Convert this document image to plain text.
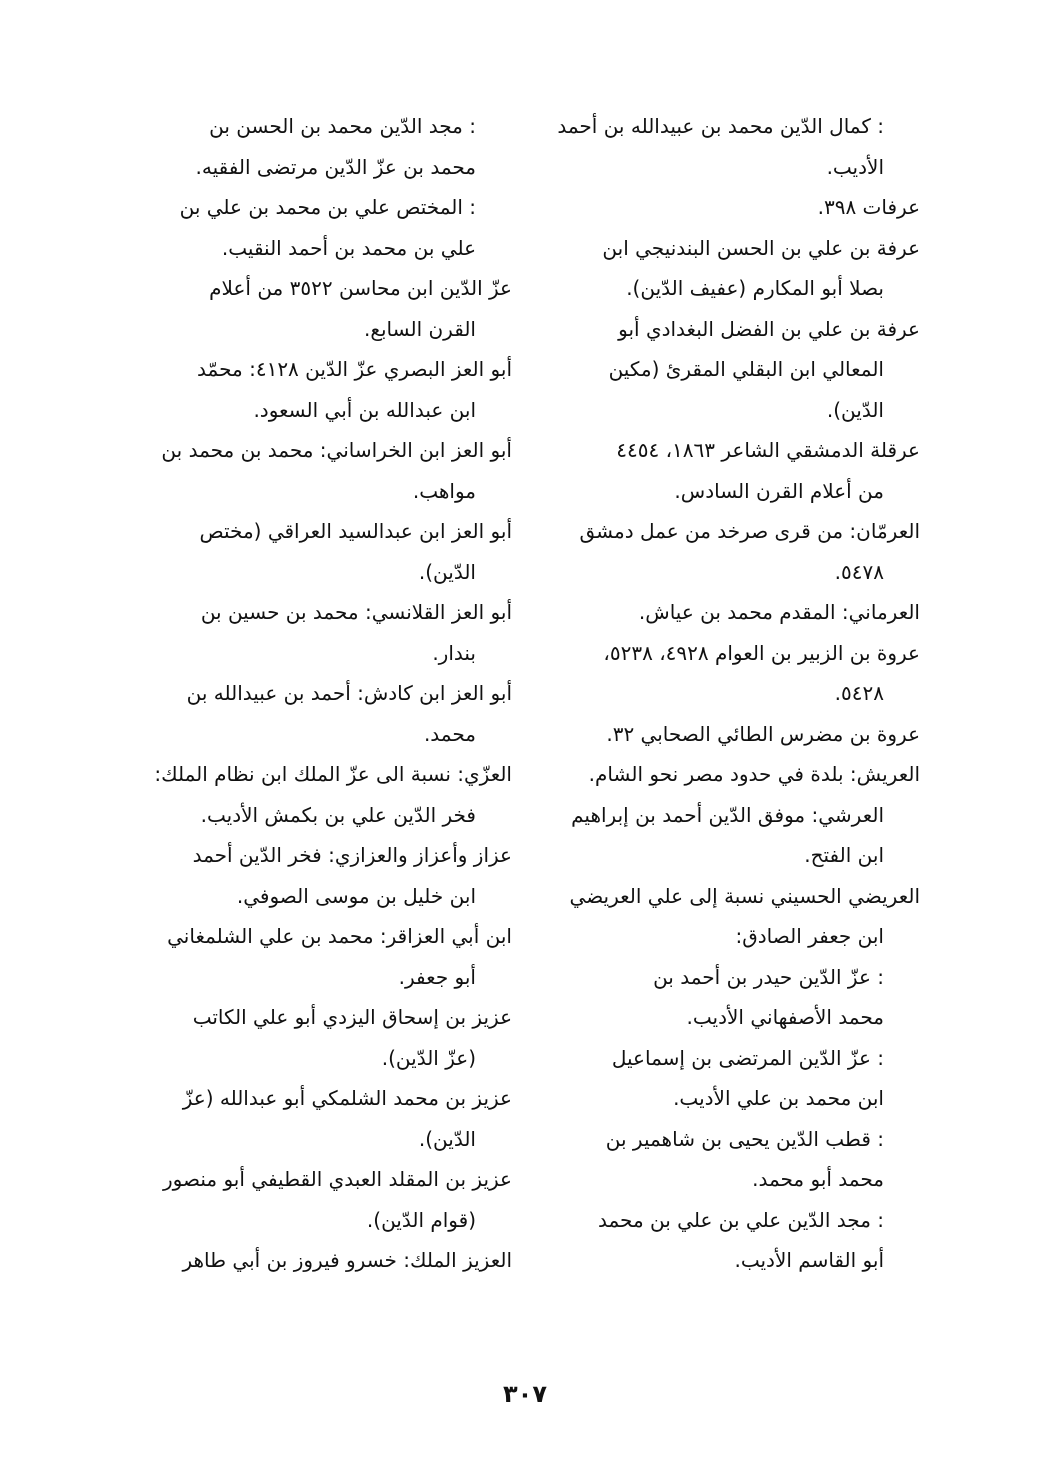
: كمال الدّين محمد بن عبيدالله بن أحمد
الأديب.
عرفات ٣٩٨.
عرفة بن علي بن الحسن البندنيجي ابن
بصلا أبو المكارم (عفيف الدّين).
عرفة بن علي بن الفضل البغدادي أبو
المعالي ابن البقلي المقرئ (مكين
الدّين).
عرقلة الدمشقي الشاعر ١٨٦٣، ٤٤٥٤
من أعلام القرن السادس.
العرمّان: من قرى صرخد من عمل دمشق
٥٤٧٨.
العرماني: المقدم محمد بن عياش.
عروة بن الزبير بن العوام ٤٩٢٨، ٥٢٣٨،
٥٤٢٨.
عروة بن مضرس الطائي الصحابي ٣٢.
العريش: بلدة في حدود مصر نحو الشام.
العرشي: موفق الدّين أحمد بن إبراهيم
ابن الفتح.
العريضي الحسيني نسبة إلى علي العريضي
ابن جعفر الصادق:
: عزّ الدّين حيدر بن أحمد بن
محمد الأصفهاني الأديب.
: عزّ الدّين المرتضى بن إسماعيل
ابن محمد بن علي الأديب.
: قطب الدّين يحيى بن شاهمير بن
محمد أبو محمد.
: مجد الدّين علي بن علي بن محمد
أبو القاسم الأديب.
: مجد الدّين محمد بن الحسن بن
محمد بن عزّ الدّين مرتضى الفقيه.
: المختص علي بن محمد بن علي بن
علي بن محمد بن أحمد النقيب.
عزّ الدّين ابن محاسن ٣٥٢٢ من أعلام
القرن السابع.
أبو العز البصري عزّ الدّين ٤١٢٨: محمّد
ابن عبدالله بن أبي السعود.
أبو العز ابن الخراساني: محمد بن محمد بن
مواهب.
أبو العز ابن عبدالسيد العراقي (مختص
الدّين).
أبو العز القلانسي: محمد بن حسين بن
بندار.
أبو العز ابن كادش: أحمد بن عبيدالله بن
محمد.
العزّي: نسبة الى عزّ الملك ابن نظام الملك:
فخر الدّين علي بن بكمش الأديب.
عزاز وأعزاز والعزازي: فخر الدّين أحمد
ابن خليل بن موسى الصوفي.
ابن أبي العزاقر: محمد بن علي الشلمغاني
أبو جعفر.
عزيز بن إسحاق اليزدي أبو علي الكاتب
(عزّ الدّين).
عزيز بن محمد الشلمكي أبو عبدالله (عزّ
الدّين).
عزيز بن المقلد العبدي القطيفي أبو منصور
(قوام الدّين).
العزيز الملك: خسرو فيروز بن أبي طاهر
٣٠٧
